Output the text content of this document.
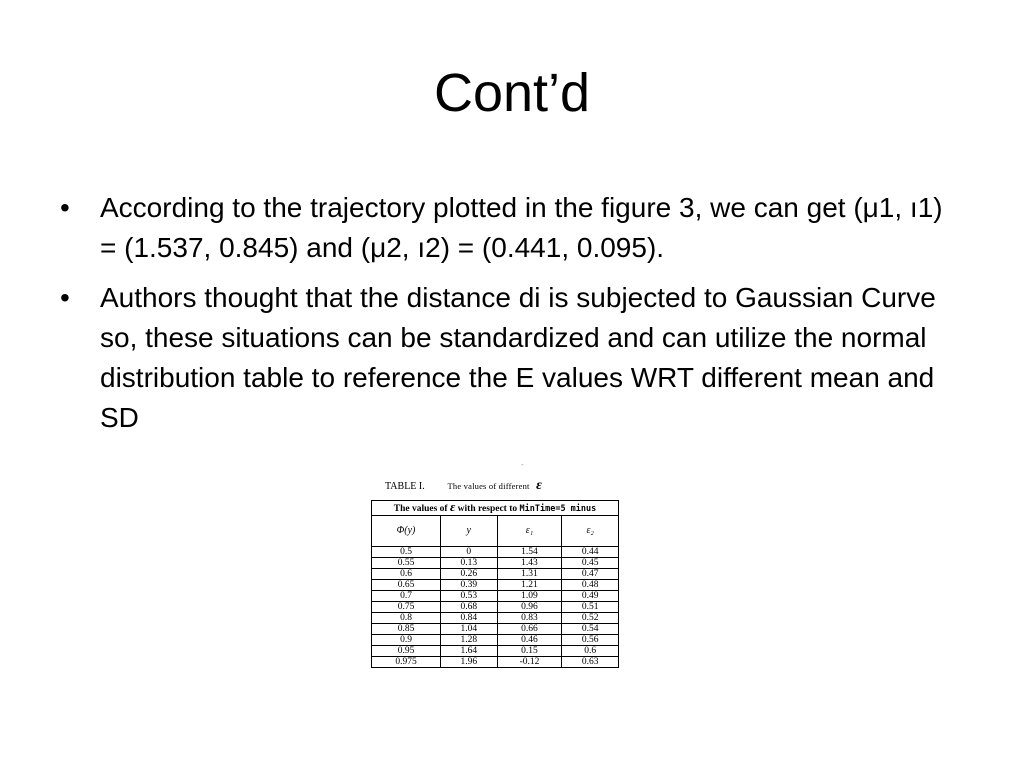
Cont’d
•	According to the trajectory plotted in the figure 3, we can get (μ1, ı1) = (1.537, 0.845) and (μ2, ı2) = (0.441, 0.095).
•	Authors thought that the distance di is subjected to Gaussian Curve so, these situations can be standardized and can utilize the normal distribution table to reference the E values WRT different mean and SD
-
TABLE I.	The values of different ε
The values of ε with respect to MinTime=5 minus			
Φ(y)	y	ε₁	ε₂
0.5	0	1.54	0.44
0.55	0.13	1.43	0.45
0.6	0.26	1.31	0.47
0.65	0.39	1.21	0.48
0.7	0.53	1.09	0.49
0.75	0.68	0.96	0.51
0.8	0.84	0.83	0.52
0.85	1.04	0.66	0.54
0.9	1.28	0.46	0.56
0.95	1.64	0.15	0.6
0.975	1.96	-0.12	0.63
